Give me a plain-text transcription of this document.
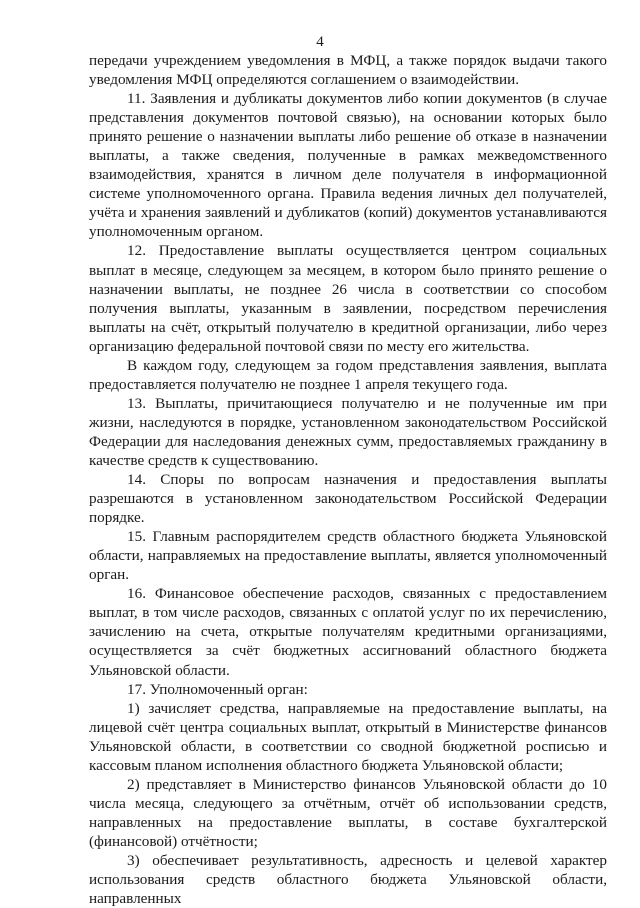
4

передачи учреждением уведомления в МФЦ, а также порядок выдачи такого уведомления МФЦ определяются соглашением о взаимодействии.

11. Заявления и дубликаты документов либо копии документов (в случае представления документов почтовой связью), на основании которых было принято решение о назначении выплаты либо решение об отказе в назначении выплаты, а также сведения, полученные в рамках межведомственного взаимодействия, хранятся в личном деле получателя в информационной системе уполномоченного органа. Правила ведения личных дел получателей, учёта и хранения заявлений и дубликатов (копий) документов устанавливаются уполномоченным органом.

12. Предоставление выплаты осуществляется центром социальных выплат в месяце, следующем за месяцем, в котором было принято решение о назначении выплаты, не позднее 26 числа в соответствии со способом получения выплаты, указанным в заявлении, посредством перечисления выплаты на счёт, открытый получателю в кредитной организации, либо через организацию федеральной почтовой связи по месту его жительства.

В каждом году, следующем за годом представления заявления, выплата предоставляется получателю не позднее 1 апреля текущего года.

13. Выплаты, причитающиеся получателю и не полученные им при жизни, наследуются в порядке, установленном законодательством Российской Федерации для наследования денежных сумм, предоставляемых гражданину в качестве средств к существованию.

14. Споры по вопросам назначения и предоставления выплаты разрешаются в установленном законодательством Российской Федерации порядке.

15. Главным распорядителем средств областного бюджета Ульяновской области, направляемых на предоставление выплаты, является уполномоченный орган.

16. Финансовое обеспечение расходов, связанных с предоставлением выплат, в том числе расходов, связанных с оплатой услуг по их перечислению, зачислению на счета, открытые получателям кредитными организациями, осуществляется за счёт бюджетных ассигнований областного бюджета Ульяновской области.

17. Уполномоченный орган:

1) зачисляет средства, направляемые на предоставление выплаты, на лицевой счёт центра социальных выплат, открытый в Министерстве финансов Ульяновской области, в соответствии со сводной бюджетной росписью и кассовым планом исполнения областного бюджета Ульяновской области;

2) представляет в Министерство финансов Ульяновской области до 10 числа месяца, следующего за отчётным, отчёт об использовании средств, направленных на предоставление выплаты, в составе бухгалтерской (финансовой) отчётности;

3) обеспечивает результативность, адресность и целевой характер использования средств областного бюджета Ульяновской области, направленных
